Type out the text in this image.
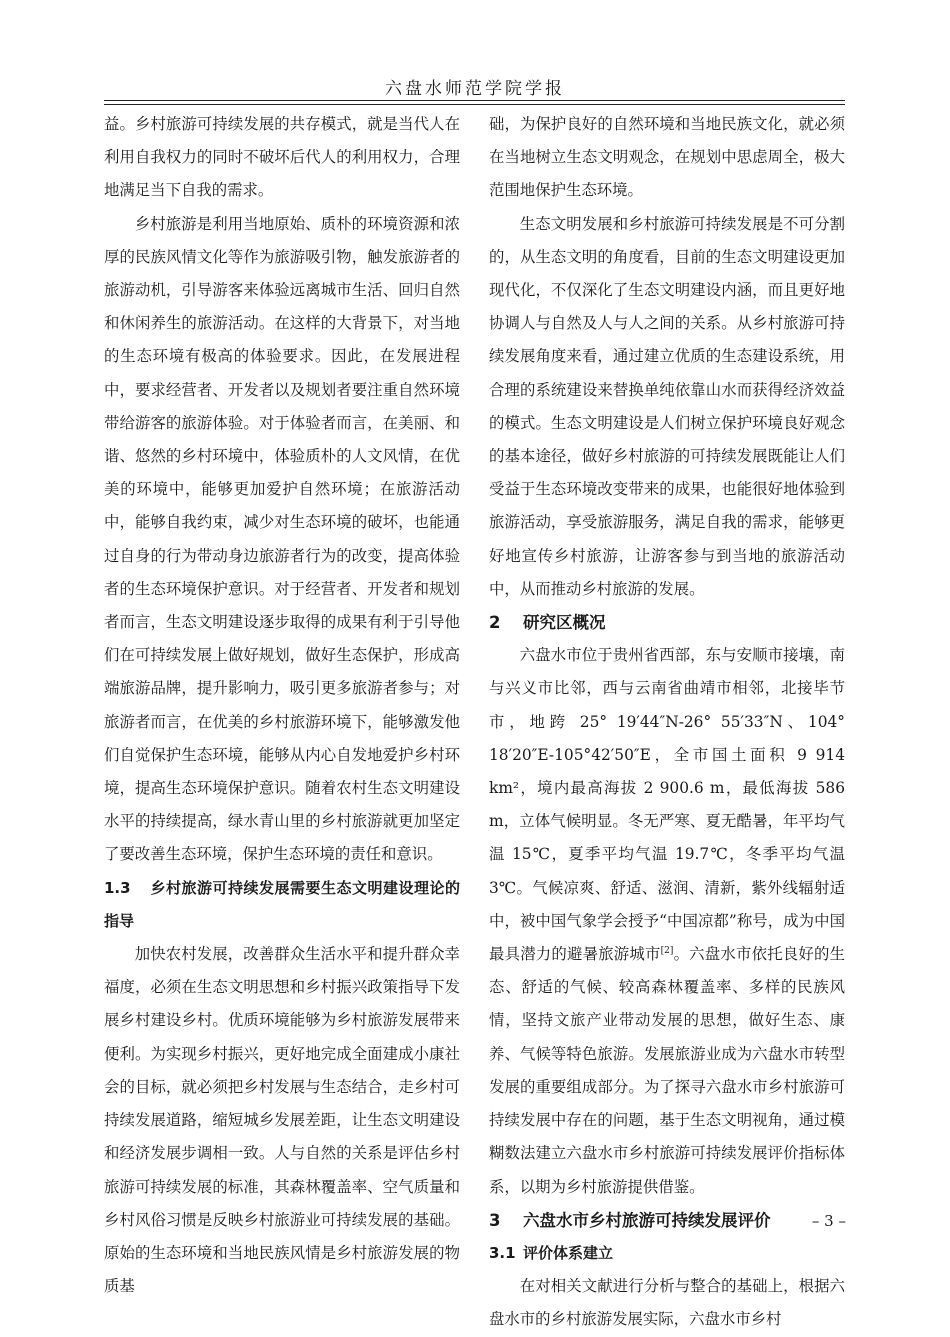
六盘水师范学院学报

益。乡村旅游可持续发展的共存模式，就是当代人在利用自我权力的同时不破坏后代人的利用权力，合理地满足当下自我的需求。

乡村旅游是利用当地原始、质朴的环境资源和浓厚的民族风情文化等作为旅游吸引物，触发旅游者的旅游动机，引导游客来体验远离城市生活、回归自然和休闲养生的旅游活动。在这样的大背景下，对当地的生态环境有极高的体验要求。因此，在发展进程中，要求经营者、开发者以及规划者要注重自然环境带给游客的旅游体验。对于体验者而言，在美丽、和谐、悠然的乡村环境中，体验质朴的人文风情，在优美的环境中，能够更加爱护自然环境；在旅游活动中，能够自我约束，减少对生态环境的破坏，也能通过自身的行为带动身边旅游者行为的改变，提高体验者的生态环境保护意识。对于经营者、开发者和规划者而言，生态文明建设逐步取得的成果有利于引导他们在可持续发展上做好规划，做好生态保护，形成高端旅游品牌，提升影响力，吸引更多旅游者参与；对旅游者而言，在优美的乡村旅游环境下，能够激发他们自觉保护生态环境，能够从内心自发地爱护乡村环境，提高生态环境保护意识。随着农村生态文明建设水平的持续提高，绿水青山里的乡村旅游就更加坚定了要改善生态环境，保护生态环境的责任和意识。

1.3 乡村旅游可持续发展需要生态文明建设理论的指导

加快农村发展，改善群众生活水平和提升群众幸福度，必须在生态文明思想和乡村振兴政策指导下发展乡村建设乡村。优质环境能够为乡村旅游发展带来便利。为实现乡村振兴，更好地完成全面建成小康社会的目标，就必须把乡村发展与生态结合，走乡村可持续发展道路，缩短城乡发展差距，让生态文明建设和经济发展步调相一致。人与自然的关系是评估乡村旅游可持续发展的标准，其森林覆盖率、空气质量和乡村风俗习惯是反映乡村旅游业可持续发展的基础。原始的生态环境和当地民族风情是乡村旅游发展的物质基

础，为保护良好的自然环境和当地民族文化，就必须在当地树立生态文明观念，在规划中思虑周全，极大范围地保护生态环境。

生态文明发展和乡村旅游可持续发展是不可分割的，从生态文明的角度看，目前的生态文明建设更加现代化，不仅深化了生态文明建设内涵，而且更好地协调人与自然及人与人之间的关系。从乡村旅游可持续发展角度来看，通过建立优质的生态建设系统，用合理的系统建设来替换单纯依靠山水而获得经济效益的模式。生态文明建设是人们树立保护环境良好观念的基本途径，做好乡村旅游的可持续发展既能让人们受益于生态环境改变带来的成果，也能很好地体验到旅游活动，享受旅游服务，满足自我的需求，能够更好地宣传乡村旅游，让游客参与到当地的旅游活动中，从而推动乡村旅游的发展。

2 研究区概况

六盘水市位于贵州省西部，东与安顺市接壤，南与兴义市比邻，西与云南省曲靖市相邻，北接毕节市，地跨 25° 19′44″N-26° 55′33″N、104° 18′20″E-105°42′50″E，全市国土面积 9 914 km²，境内最高海拔 2 900.6 m，最低海拔 586 m，立体气候明显。冬无严寒、夏无酷暑，年平均气温 15℃，夏季平均气温 19.7℃，冬季平均气温 3℃。气候凉爽、舒适、滋润、清新，紫外线辐射适中，被中国气象学会授予“中国凉都”称号，成为中国最具潜力的避暑旅游城市[2]。六盘水市依托良好的生态、舒适的气候、较高森林覆盖率、多样的民族风情，坚持文旅产业带动发展的思想，做好生态、康养、气候等特色旅游。发展旅游业成为六盘水市转型发展的重要组成部分。为了探寻六盘水市乡村旅游可持续发展中存在的问题，基于生态文明视角，通过模糊数法建立六盘水市乡村旅游可持续发展评价指标体系，以期为乡村旅游提供借鉴。

3 六盘水市乡村旅游可持续发展评价

3.1 评价体系建立

在对相关文献进行分析与整合的基础上，根据六盘水市的乡村旅游发展实际，六盘水市乡村

– 3 –
